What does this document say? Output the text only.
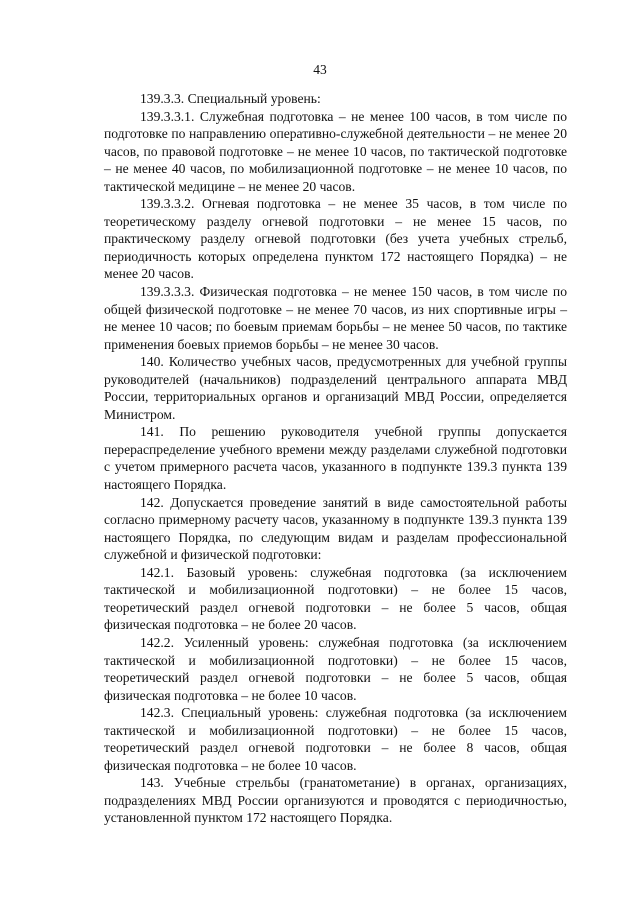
43

139.3.3. Специальный уровень:

139.3.3.1. Служебная подготовка – не менее 100 часов, в том числе по подготовке по направлению оперативно-служебной деятельности – не менее 20 часов, по правовой подготовке – не менее 10 часов, по тактической подготовке – не менее 40 часов, по мобилизационной подготовке – не менее 10 часов, по тактической медицине – не менее 20 часов.

139.3.3.2. Огневая подготовка – не менее 35 часов, в том числе по теоретическому разделу огневой подготовки – не менее 15 часов, по практическому разделу огневой подготовки (без учета учебных стрельб, периодичность которых определена пунктом 172 настоящего Порядка) – не менее 20 часов.

139.3.3.3. Физическая подготовка – не менее 150 часов, в том числе по общей физической подготовке – не менее 70 часов, из них спортивные игры – не менее 10 часов; по боевым приемам борьбы – не менее 50 часов, по тактике применения боевых приемов борьбы – не менее 30 часов.

140. Количество учебных часов, предусмотренных для учебной группы руководителей (начальников) подразделений центрального аппарата МВД России, территориальных органов и организаций МВД России, определяется Министром.

141. По решению руководителя учебной группы допускается перераспределение учебного времени между разделами служебной подготовки с учетом примерного расчета часов, указанного в подпункте 139.3 пункта 139 настоящего Порядка.

142. Допускается проведение занятий в виде самостоятельной работы согласно примерному расчету часов, указанному в подпункте 139.3 пункта 139 настоящего Порядка, по следующим видам и разделам профессиональной служебной и физической подготовки:

142.1. Базовый уровень: служебная подготовка (за исключением тактической и мобилизационной подготовки) – не более 15 часов, теоретический раздел огневой подготовки – не более 5 часов, общая физическая подготовка – не более 20 часов.

142.2. Усиленный уровень: служебная подготовка (за исключением тактической и мобилизационной подготовки) – не более 15 часов, теоретический раздел огневой подготовки – не более 5 часов, общая физическая подготовка – не более 10 часов.

142.3. Специальный уровень: служебная подготовка (за исключением тактической и мобилизационной подготовки) – не более 15 часов, теоретический раздел огневой подготовки – не более 8 часов, общая физическая подготовка – не более 10 часов.

143. Учебные стрельбы (гранатометание) в органах, организациях, подразделениях МВД России организуются и проводятся с периодичностью, установленной пунктом 172 настоящего Порядка.
